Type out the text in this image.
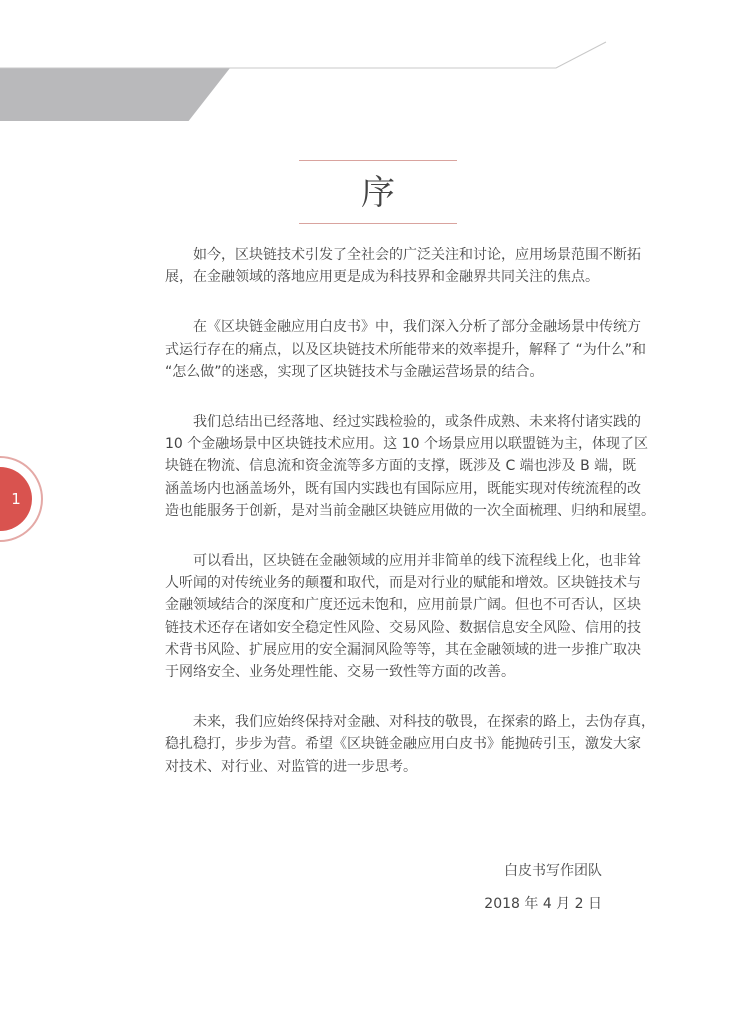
序

　　如今，区块链技术引发了全社会的广泛关注和讨论，应用场景范围不断拓
展，在金融领域的落地应用更是成为科技界和金融界共同关注的焦点。

　　在《区块链金融应用白皮书》中，我们深入分析了部分金融场景中传统方
式运行存在的痛点，以及区块链技术所能带来的效率提升，解释了 “为什么”和
“怎么做”的迷惑，实现了区块链技术与金融运营场景的结合。

　　我们总结出已经落地、经过实践检验的，或条件成熟、未来将付诸实践的
10 个金融场景中区块链技术应用。这 10 个场景应用以联盟链为主，体现了区
块链在物流、信息流和资金流等多方面的支撑，既涉及 C 端也涉及 B 端，既
涵盖场内也涵盖场外，既有国内实践也有国际应用，既能实现对传统流程的改
造也能服务于创新，是对当前金融区块链应用做的一次全面梳理、归纳和展望。

　　可以看出，区块链在金融领域的应用并非简单的线下流程线上化，也非耸
人听闻的对传统业务的颠覆和取代，而是对行业的赋能和增效。区块链技术与
金融领域结合的深度和广度还远未饱和，应用前景广阔。但也不可否认，区块
链技术还存在诸如安全稳定性风险、交易风险、数据信息安全风险、信用的技
术背书风险、扩展应用的安全漏洞风险等等，其在金融领域的进一步推广取决
于网络安全、业务处理性能、交易一致性等方面的改善。

　　未来，我们应始终保持对金融、对科技的敬畏，在探索的路上，去伪存真，
稳扎稳打，步步为营。希望《区块链金融应用白皮书》能抛砖引玉，激发大家
对技术、对行业、对监管的进一步思考。

白皮书写作团队
2018 年 4 月 2 日
1
